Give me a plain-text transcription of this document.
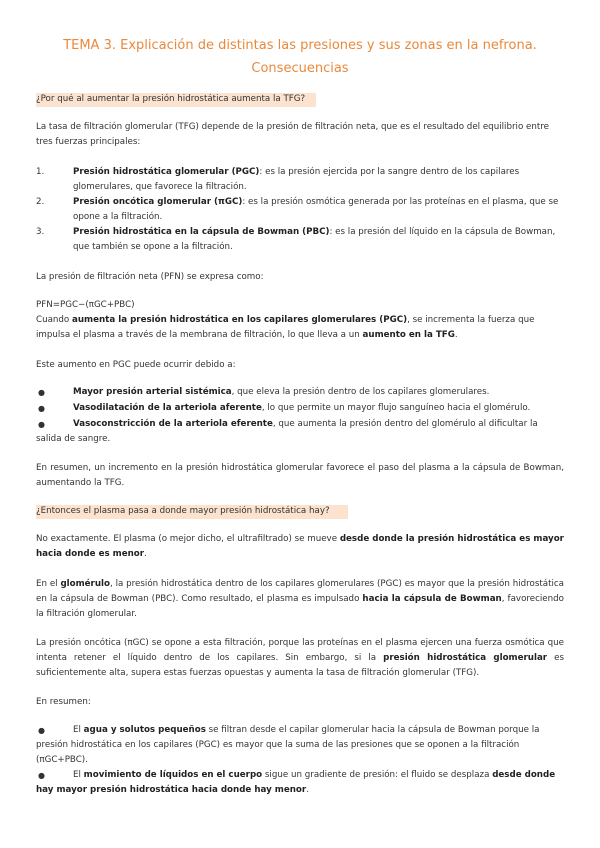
TEMA 3. Explicación de distintas las presiones y sus zonas en la nefrona.
Consecuencias
¿Por qué al aumentar la presión hidrostática aumenta la TFG?
La tasa de filtración glomerular (TFG) depende de la presión de filtración neta, que es el resultado del equilibrio entre tres fuerzas principales:
1.	Presión hidrostática glomerular (PGC): es la presión ejercida por la sangre dentro de los capilares glomerulares, que favorece la filtración.
2.	Presión oncótica glomerular (πGC): es la presión osmótica generada por las proteínas en el plasma, que se opone a la filtración.
3.	Presión hidrostática en la cápsula de Bowman (PBC): es la presión del líquido en la cápsula de Bowman, que también se opone a la filtración.
La presión de filtración neta (PFN) se expresa como:
PFN=PGC−(πGC+PBC)
Cuando aumenta la presión hidrostática en los capilares glomerulares (PGC), se incrementa la fuerza que impulsa el plasma a través de la membrana de filtración, lo que lleva a un aumento en la TFG.
Este aumento en PGC puede ocurrir debido a:
●	Mayor presión arterial sistémica, que eleva la presión dentro de los capilares glomerulares.
●	Vasodilatación de la arteriola aferente, lo que permite un mayor flujo sanguíneo hacia el glomérulo.
●	Vasoconstricción de la arteriola eferente, que aumenta la presión dentro del glomérulo al dificultar la salida de sangre.
En resumen, un incremento en la presión hidrostática glomerular favorece el paso del plasma a la cápsula de Bowman, aumentando la TFG.
¿Entonces el plasma pasa a donde mayor presión hidrostática hay?
No exactamente. El plasma (o mejor dicho, el ultrafiltrado) se mueve desde donde la presión hidrostática es mayor hacia donde es menor.
En el glomérulo, la presión hidrostática dentro de los capilares glomerulares (PGC) es mayor que la presión hidrostática en la cápsula de Bowman (PBC). Como resultado, el plasma es impulsado hacia la cápsula de Bowman, favoreciendo la filtración glomerular.
La presión oncótica (πGC) se opone a esta filtración, porque las proteínas en el plasma ejercen una fuerza osmótica que intenta retener el líquido dentro de los capilares. Sin embargo, si la presión hidrostática glomerular es suficientemente alta, supera estas fuerzas opuestas y aumenta la tasa de filtración glomerular (TFG).
En resumen:
●	El agua y solutos pequeños se filtran desde el capilar glomerular hacia la cápsula de Bowman porque la presión hidrostática en los capilares (PGC) es mayor que la suma de las presiones que se oponen a la filtración (πGC+PBC).
●	El movimiento de líquidos en el cuerpo sigue un gradiente de presión: el fluido se desplaza desde donde hay mayor presión hidrostática hacia donde hay menor.
